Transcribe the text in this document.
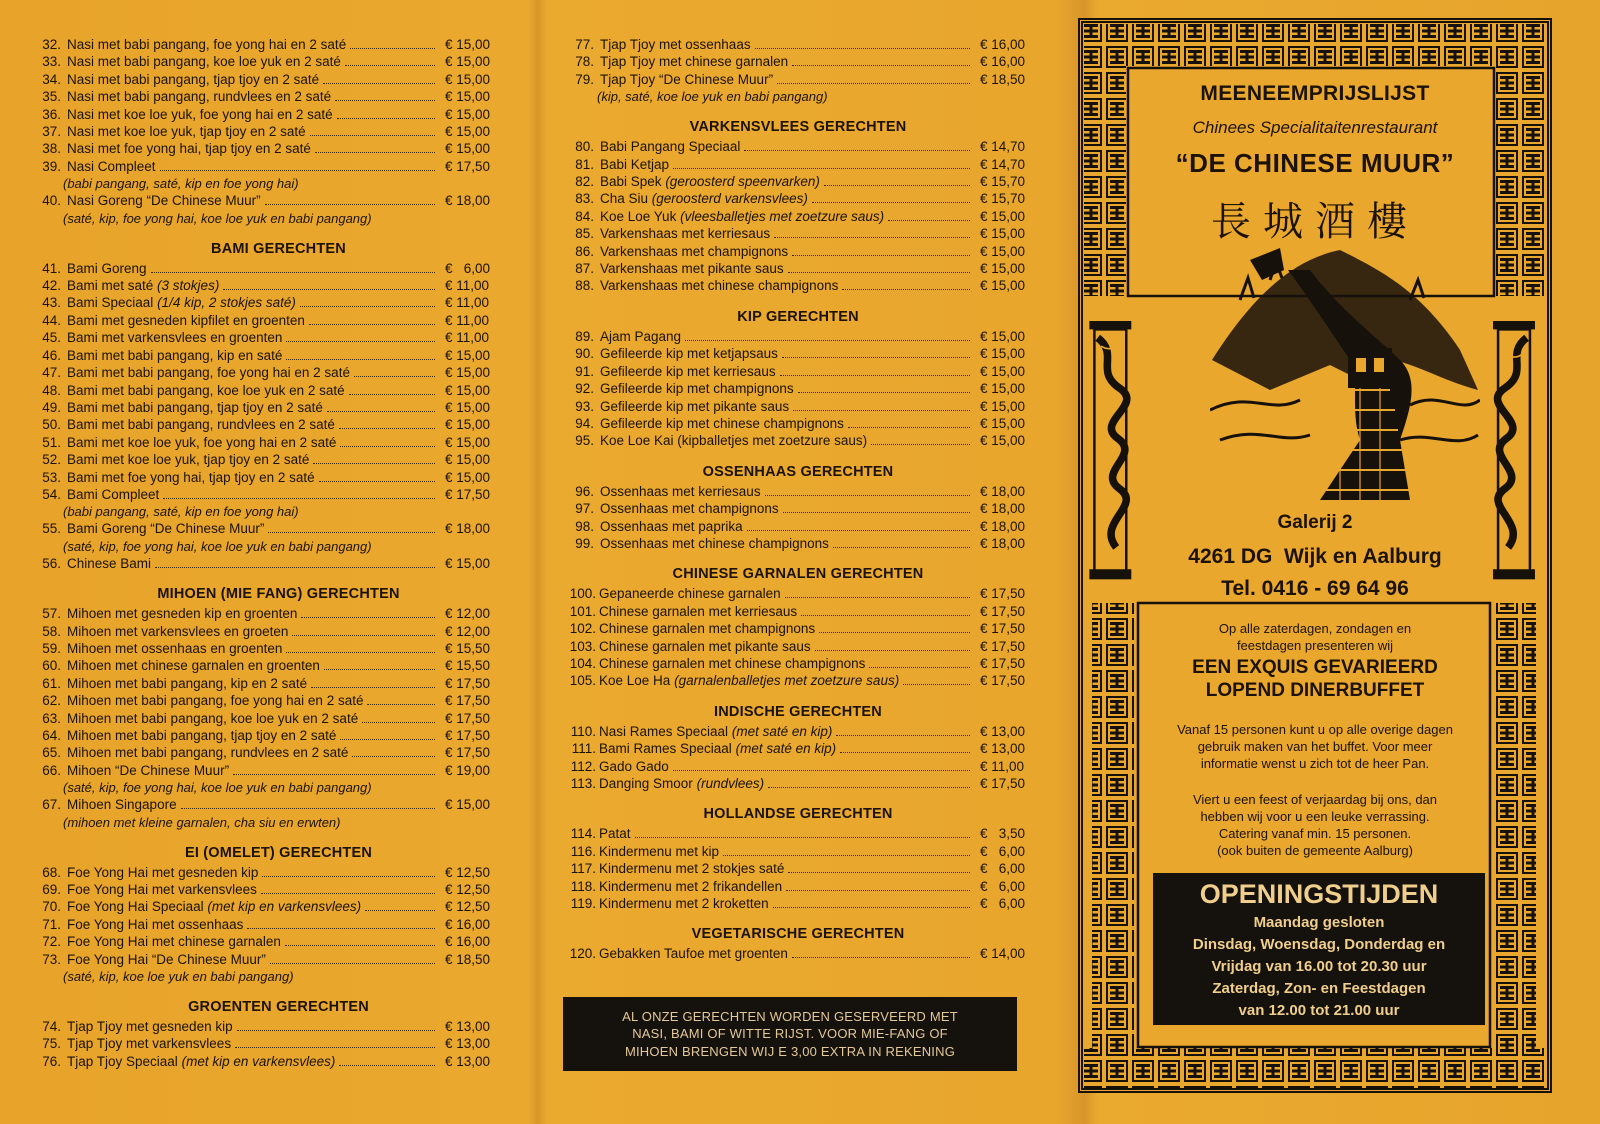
32. Nasi met babi pangang, foe yong hai en 2 saté	€ 15,00
33. Nasi met babi pangang, koe loe yuk en 2 saté	€ 15,00
34. Nasi met babi pangang, tjap tjoy en 2 saté	€ 15,00
35. Nasi met babi pangang, rundvlees en 2 saté	€ 15,00
36. Nasi met koe loe yuk, foe yong hai en 2 saté	€ 15,00
37. Nasi met koe loe yuk, tjap tjoy en 2 saté	€ 15,00
38. Nasi met foe yong hai, tjap tjoy en 2 saté	€ 15,00
39. Nasi Compleet	€ 17,50
(babi pangang, saté, kip en foe yong hai)
40. Nasi Goreng “De Chinese Muur”	€ 18,00
(saté, kip, foe yong hai, koe loe yuk en babi pangang)
BAMI GERECHTEN
41. Bami Goreng	€   6,00
42. Bami met saté (3 stokjes)	€ 11,00
43. Bami Speciaal (1/4 kip, 2 stokjes saté)	€ 11,00
44. Bami met gesneden kipfilet en groenten	€ 11,00
45. Bami met varkensvlees en groenten	€ 11,00
46. Bami met babi pangang, kip en saté	€ 15,00
47. Bami met babi pangang, foe yong hai en 2 saté	€ 15,00
48. Bami met babi pangang, koe loe yuk en 2 saté	€ 15,00
49. Bami met babi pangang, tjap tjoy en 2 saté	€ 15,00
50. Bami met babi pangang, rundvlees en 2 saté	€ 15,00
51. Bami met koe loe yuk, foe yong hai en 2 saté	€ 15,00
52. Bami met koe loe yuk, tjap tjoy en 2 saté	€ 15,00
53. Bami met foe yong hai, tjap tjoy en 2 saté	€ 15,00
54. Bami Compleet	€ 17,50
(babi pangang, saté, kip en foe yong hai)
55. Bami Goreng “De Chinese Muur”	€ 18,00
(saté, kip, foe yong hai, koe loe yuk en babi pangang)
56. Chinese Bami	€ 15,00
MIHOEN (MIE FANG) GERECHTEN
57. Mihoen met gesneden kip en groenten	€ 12,00
58. Mihoen met varkensvlees en groeten	€ 12,00
59. Mihoen met ossenhaas en groenten	€ 15,50
60. Mihoen met chinese garnalen en groenten	€ 15,50
61. Mihoen met babi pangang, kip en 2 saté	€ 17,50
62. Mihoen met babi pangang, foe yong hai en 2 saté	€ 17,50
63. Mihoen met babi pangang, koe loe yuk en 2 saté	€ 17,50
64. Mihoen met babi pangang, tjap tjoy en 2 saté	€ 17,50
65. Mihoen met babi pangang, rundvlees en 2 saté	€ 17,50
66. Mihoen “De Chinese Muur”	€ 19,00
(saté, kip, foe yong hai, koe loe yuk en babi pangang)
67. Mihoen Singapore	€ 15,00
(mihoen met kleine garnalen, cha siu en erwten)
EI (OMELET) GERECHTEN
68. Foe Yong Hai met gesneden kip	€ 12,50
69. Foe Yong Hai met varkensvlees	€ 12,50
70. Foe Yong Hai Speciaal (met kip en varkensvlees)	€ 12,50
71. Foe Yong Hai met ossenhaas	€ 16,00
72. Foe Yong Hai met chinese garnalen	€ 16,00
73. Foe Yong Hai “De Chinese Muur”	€ 18,50
(saté, kip, koe loe yuk en babi pangang)
GROENTEN GERECHTEN
74. Tjap Tjoy met gesneden kip	€ 13,00
75. Tjap Tjoy met varkensvlees	€ 13,00
76. Tjap Tjoy Speciaal (met kip en varkensvlees)	€ 13,00
77. Tjap Tjoy met ossenhaas	€ 16,00
78. Tjap Tjoy met chinese garnalen	€ 16,00
79. Tjap Tjoy “De Chinese Muur”	€ 18,50
(kip, saté, koe loe yuk en babi pangang)
VARKENSVLEES GERECHTEN
80. Babi Pangang Speciaal	€ 14,70
81. Babi Ketjap	€ 14,70
82. Babi Spek (geroosterd speenvarken)	€ 15,70
83. Cha Siu (geroosterd varkensvlees)	€ 15,70
84. Koe Loe Yuk (vleesballetjes met zoetzure saus)	€ 15,00
85. Varkenshaas met kerriesaus	€ 15,00
86. Varkenshaas met champignons	€ 15,00
87. Varkenshaas met pikante saus	€ 15,00
88. Varkenshaas met chinese champignons	€ 15,00
KIP GERECHTEN
89. Ajam Pagang	€ 15,00
90. Gefileerde kip met ketjapsaus	€ 15,00
91. Gefileerde kip met kerriesaus	€ 15,00
92. Gefileerde kip met champignons	€ 15,00
93. Gefileerde kip met pikante saus	€ 15,00
94. Gefileerde kip met chinese champignons	€ 15,00
95. Koe Loe Kai (kipballetjes met zoetzure saus)	€ 15,00
OSSENHAAS GERECHTEN
96. Ossenhaas met kerriesaus	€ 18,00
97. Ossenhaas met champignons	€ 18,00
98. Ossenhaas met paprika	€ 18,00
99. Ossenhaas met chinese champignons	€ 18,00
CHINESE GARNALEN GERECHTEN
100. Gepaneerde chinese garnalen	€ 17,50
101. Chinese garnalen met kerriesaus	€ 17,50
102. Chinese garnalen met champignons	€ 17,50
103. Chinese garnalen met pikante saus	€ 17,50
104. Chinese garnalen met chinese champignons	€ 17,50
105. Koe Loe Ha (garnalenballetjes met zoetzure saus)	€ 17,50
INDISCHE GERECHTEN
110. Nasi Rames Speciaal (met saté en kip)	€ 13,00
111. Bami Rames Speciaal (met saté en kip)	€ 13,00
112. Gado Gado	€ 11,00
113. Danging Smoor (rundvlees)	€ 17,50
HOLLANDSE GERECHTEN
114. Patat	€   3,50
116. Kindermenu met kip	€   6,00
117. Kindermenu met 2 stokjes saté	€   6,00
118. Kindermenu met 2 frikandellen	€   6,00
119. Kindermenu met 2 kroketten	€   6,00
VEGETARISCHE GERECHTEN
120. Gebakken Taufoe met groenten	€ 14,00
AL ONZE GERECHTEN WORDEN GESERVEERD MET
NASI, BAMI OF WITTE RIJST. VOOR MIE-FANG OF
MIHOEN BRENGEN WIJ E 3,00 EXTRA IN REKENING
MEENEEMPRIJSLIJST
Chinees Specialitaitenrestaurant
“DE CHINESE MUUR”
長城酒樓
Galerij 2
4261 DG  Wijk en Aalburg
Tel. 0416 - 69 64 96
Op alle zaterdagen, zondagen en
feestdagen presenteren wij
EEN EXQUIS GEVARIEERD
LOPEND DINERBUFFET
Vanaf 15 personen kunt u op alle overige dagen
gebruik maken van het buffet. Voor meer
informatie wenst u zich tot de heer Pan.
Viert u een feest of verjaardag bij ons, dan
hebben wij voor u een leuke verrassing.
Catering vanaf min. 15 personen.
(ook buiten de gemeente Aalburg)
OPENINGSTIJDEN
Maandag gesloten
Dinsdag, Woensdag, Donderdag en
Vrijdag van 16.00 tot 20.30 uur
Zaterdag, Zon- en Feestdagen
van 12.00 tot 21.00 uur
